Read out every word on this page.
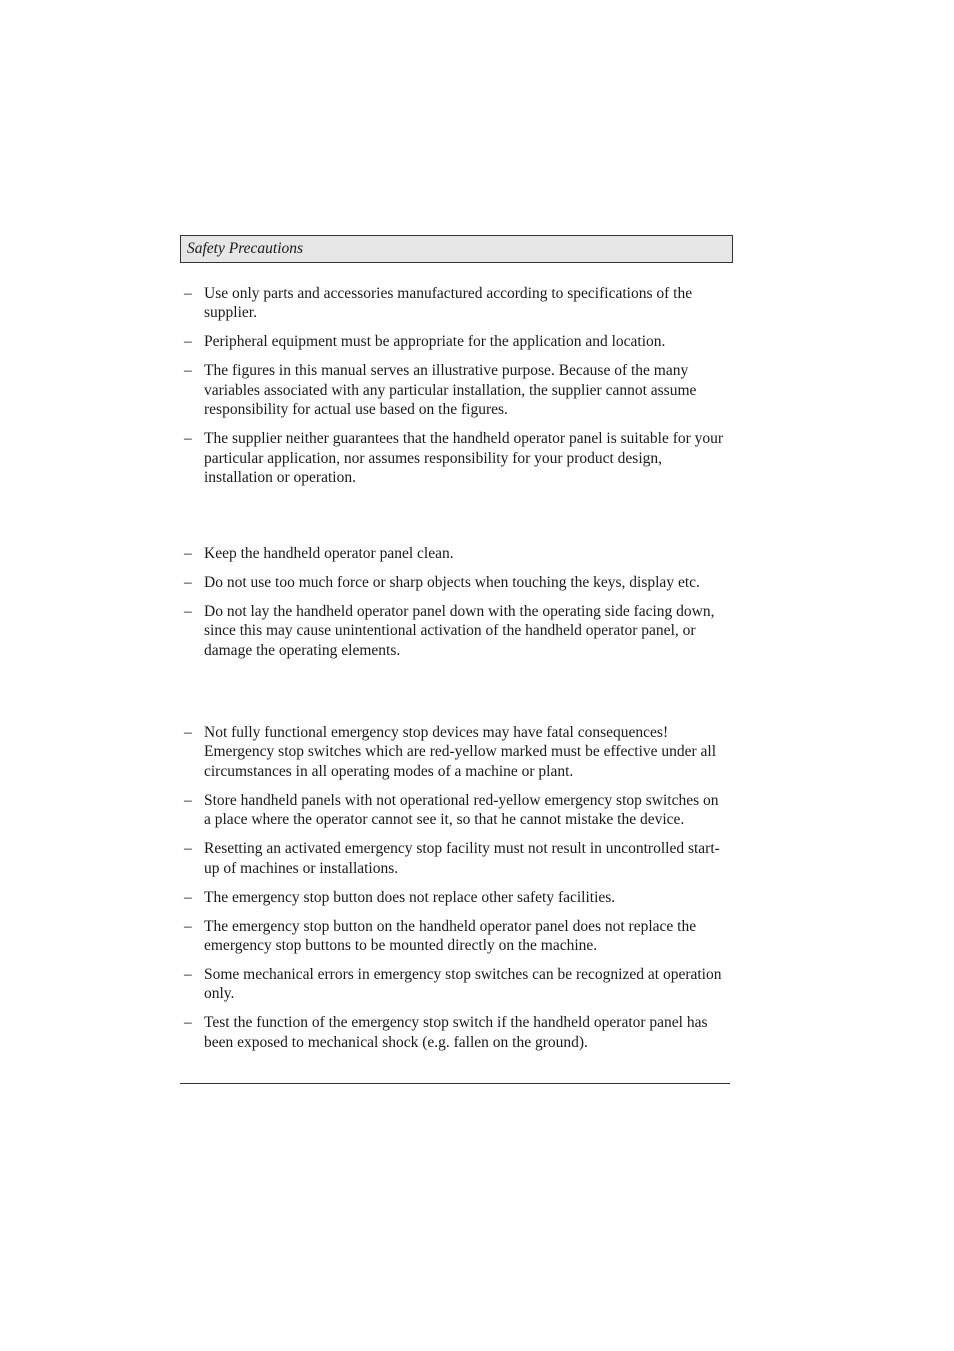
Safety Precautions
– Use only parts and accessories manufactured according to specifications of the supplier.
– Peripheral equipment must be appropriate for the application and location.
– The figures in this manual serves an illustrative purpose. Because of the many variables associated with any particular installation, the supplier cannot assume responsibility for actual use based on the figures.
– The supplier neither guarantees that the handheld operator panel is suitable for your particular application, nor assumes responsibility for your product design, installation or operation.
– Keep the handheld operator panel clean.
– Do not use too much force or sharp objects when touching the keys, display etc.
– Do not lay the handheld operator panel down with the operating side facing down, since this may cause unintentional activation of the handheld operator panel, or damage the operating elements.
– Not fully functional emergency stop devices may have fatal consequences! Emergency stop switches which are red-yellow marked must be effective under all circumstances in all operating modes of a machine or plant.
– Store handheld panels with not operational red-yellow emergency stop switches on a place where the operator cannot see it, so that he cannot mistake the device.
– Resetting an activated emergency stop facility must not result in uncontrolled start-up of machines or installations.
– The emergency stop button does not replace other safety facilities.
– The emergency stop button on the handheld operator panel does not replace the emergency stop buttons to be mounted directly on the machine.
– Some mechanical errors in emergency stop switches can be recognized at operation only.
– Test the function of the emergency stop switch if the handheld operator panel has been exposed to mechanical shock (e.g. fallen on the ground).
